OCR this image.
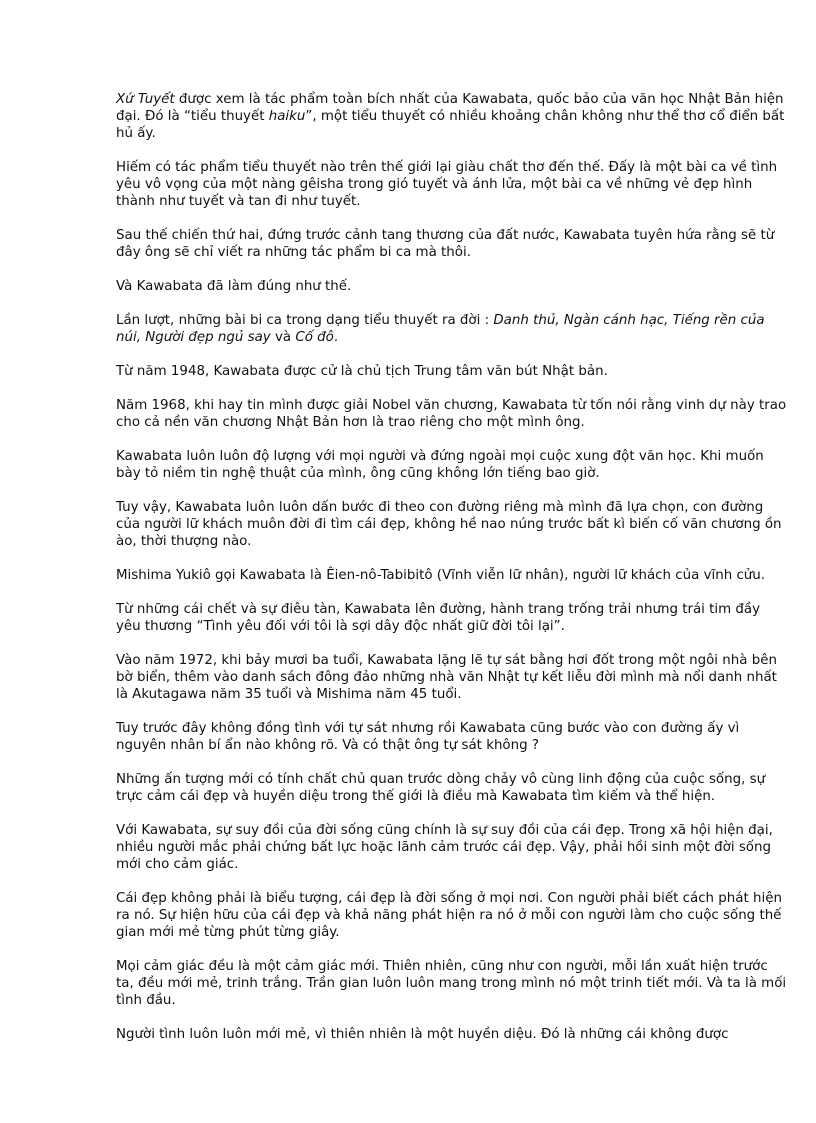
Xứ Tuyết được xem là tác phẩm toàn bích nhất của Kawabata, quốc bảo của văn học Nhật Bản hiện đại. Đó là “tiểu thuyết haiku”, một tiểu thuyết có nhiều khoảng chân không như thể thơ cổ điển bất hủ ấy.

Hiếm có tác phẩm tiểu thuyết nào trên thế giới lại giàu chất thơ đến thế. Đấy là một bài ca về tình yêu vô vọng của một nàng gêisha trong gió tuyết và ánh lửa, một bài ca về những vẻ đẹp hình thành như tuyết và tan đi như tuyết.

Sau thế chiến thứ hai, đứng trước cảnh tang thương của đất nước, Kawabata tuyên hứa rằng sẽ từ đây ông sẽ chỉ viết ra những tác phẩm bi ca mà thôi.

Và Kawabata đã làm đúng như thế.

Lần lượt, những bài bi ca trong dạng tiểu thuyết ra đời : Danh thủ, Ngàn cánh hạc, Tiếng rền của núi, Người đẹp ngủ say và Cố đô.

Từ năm 1948, Kawabata được cử là chủ tịch Trung tâm văn bút Nhật bản.

Năm 1968, khi hay tin mình được giải Nobel văn chương, Kawabata từ tốn nói rằng vinh dự này trao cho cả nền văn chương Nhật Bản hơn là trao riêng cho một mình ông.

Kawabata luôn luôn độ lượng với mọi người và đứng ngoài mọi cuộc xung đột văn học. Khi muốn bày tỏ niềm tin nghệ thuật của mình, ông cũng không lớn tiếng bao giờ.

Tuy vậy, Kawabata luôn luôn dấn bước đi theo con đường riêng mà mình đã lựa chọn, con đường của người lữ khách muôn đời đi tìm cái đẹp, không hề nao núng trước bất kì biến cố văn chương ồn ào, thời thượng nào.

Mishima Yukiô gọi Kawabata là Êien-nô-Tabibitô (Vĩnh viễn lữ nhân), người lữ khách của vĩnh cửu.

Từ những cái chết và sự điêu tàn, Kawabata lên đường, hành trang trống trải nhưng trái tim đầy yêu thương “Tình yêu đối với tôi là sợi dây độc nhất giữ đời tôi lại”.

Vào năm 1972, khi bảy mươi ba tuổi, Kawabata lặng lẽ tự sát bằng hơi đốt trong một ngôi nhà bên bờ biển, thêm vào danh sách đông đảo những nhà văn Nhật tự kết liễu đời mình mà nổi danh nhất là Akutagawa năm 35 tuổi và Mishima năm 45 tuổi.

Tuy trước đây không đồng tình với tự sát nhưng rồi Kawabata cũng bước vào con đường ấy vì nguyên nhân bí ẩn nào không rõ. Và có thật ông tự sát không ?

Những ấn tượng mới có tính chất chủ quan trước dòng chảy vô cùng linh động của cuộc sống, sự trực cảm cái đẹp và huyền diệu trong thế giới là điều mà Kawabata tìm kiếm và thể hiện.

Với Kawabata, sự suy đồi của đời sống cũng chính là sự suy đồi của cái đẹp. Trong xã hội hiện đại, nhiều người mắc phải chứng bất lực hoặc lãnh cảm trước cái đẹp. Vậy, phải hồi sinh một đời sống mới cho cảm giác.

Cái đẹp không phải là biểu tượng, cái đẹp là đời sống ở mọi nơi. Con người phải biết cách phát hiện ra nó. Sự hiện hữu của cái đẹp và khả năng phát hiện ra nó ở mỗi con người làm cho cuộc sống thế gian mới mẻ từng phút từng giây.

Mọi cảm giác đều là một cảm giác mới. Thiên nhiên, cũng như con người, mỗi lần xuất hiện trước ta, đều mới mẻ, trinh trắng. Trần gian luôn luôn mang trong mình nó một trinh tiết mới. Và ta là mối tình đầu.

Người tình luôn luôn mới mẻ, vì thiên nhiên là một huyền diệu. Đó là những cái không được
